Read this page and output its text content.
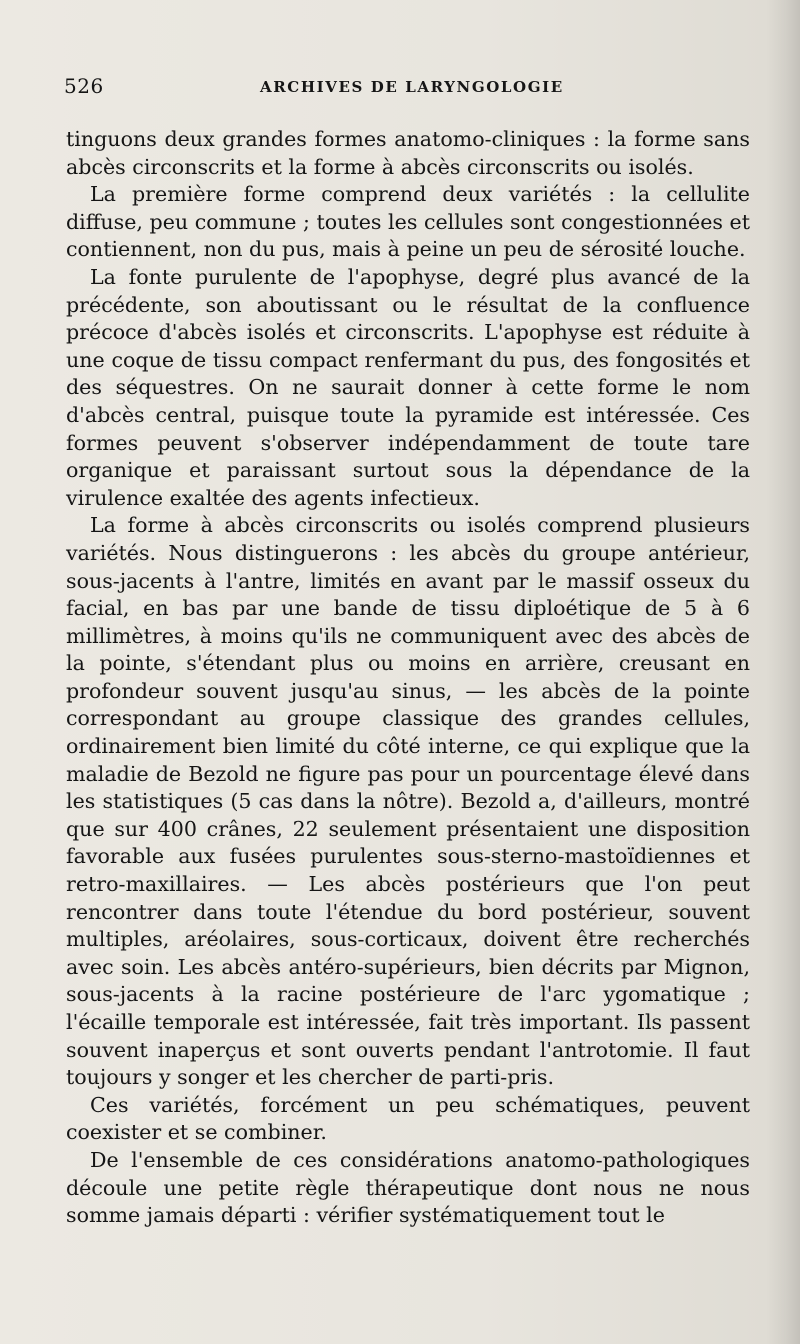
526	ARCHIVES DE LARYNGOLOGIE

tinguons deux grandes formes anatomo-cliniques : la forme sans abcès circonscrits et la forme à abcès circonscrits ou isolés.

La première forme comprend deux variétés : la cellulite diffuse, peu commune ; toutes les cellules sont congestionnées et contiennent, non du pus, mais à peine un peu de sérosité louche.

La fonte purulente de l'apophyse, degré plus avancé de la précédente, son aboutissant ou le résultat de la confluence précoce d'abcès isolés et circonscrits. L'apophyse est réduite à une coque de tissu compact renfermant du pus, des fongosités et des séquestres. On ne saurait donner à cette forme le nom d'abcès central, puisque toute la pyramide est intéressée. Ces formes peuvent s'observer indépendamment de toute tare organique et paraissant surtout sous la dépendance de la virulence exaltée des agents infectieux.

La forme à abcès circonscrits ou isolés comprend plusieurs variétés. Nous distinguerons : les abcès du groupe antérieur, sous-jacents à l'antre, limités en avant par le massif osseux du facial, en bas par une bande de tissu diploétique de 5 à 6 millimètres, à moins qu'ils ne communiquent avec des abcès de la pointe, s'étendant plus ou moins en arrière, creusant en profondeur souvent jusqu'au sinus, — les abcès de la pointe correspondant au groupe classique des grandes cellules, ordinairement bien limité du côté interne, ce qui explique que la maladie de Bezold ne figure pas pour un pourcentage élevé dans les statistiques (5 cas dans la nôtre). Bezold a, d'ailleurs, montré que sur 400 crânes, 22 seulement présentaient une disposition favorable aux fusées purulentes sous-sterno-mastoïdiennes et retro-maxillaires. — Les abcès postérieurs que l'on peut rencontrer dans toute l'étendue du bord postérieur, souvent multiples, aréolaires, sous-corticaux, doivent être recherchés avec soin. Les abcès antéro-supérieurs, bien décrits par Mignon, sous-jacents à la racine postérieure de l'arc ygomatique ; l'écaille temporale est intéressée, fait très important. Ils passent souvent inaperçus et sont ouverts pendant l'antrotomie. Il faut toujours y songer et les chercher de parti-pris.

Ces variétés, forcément un peu schématiques, peuvent coexister et se combiner.

De l'ensemble de ces considérations anatomo-pathologiques découle une petite règle thérapeutique dont nous ne nous somme jamais départi : vérifier systématiquement tout le
